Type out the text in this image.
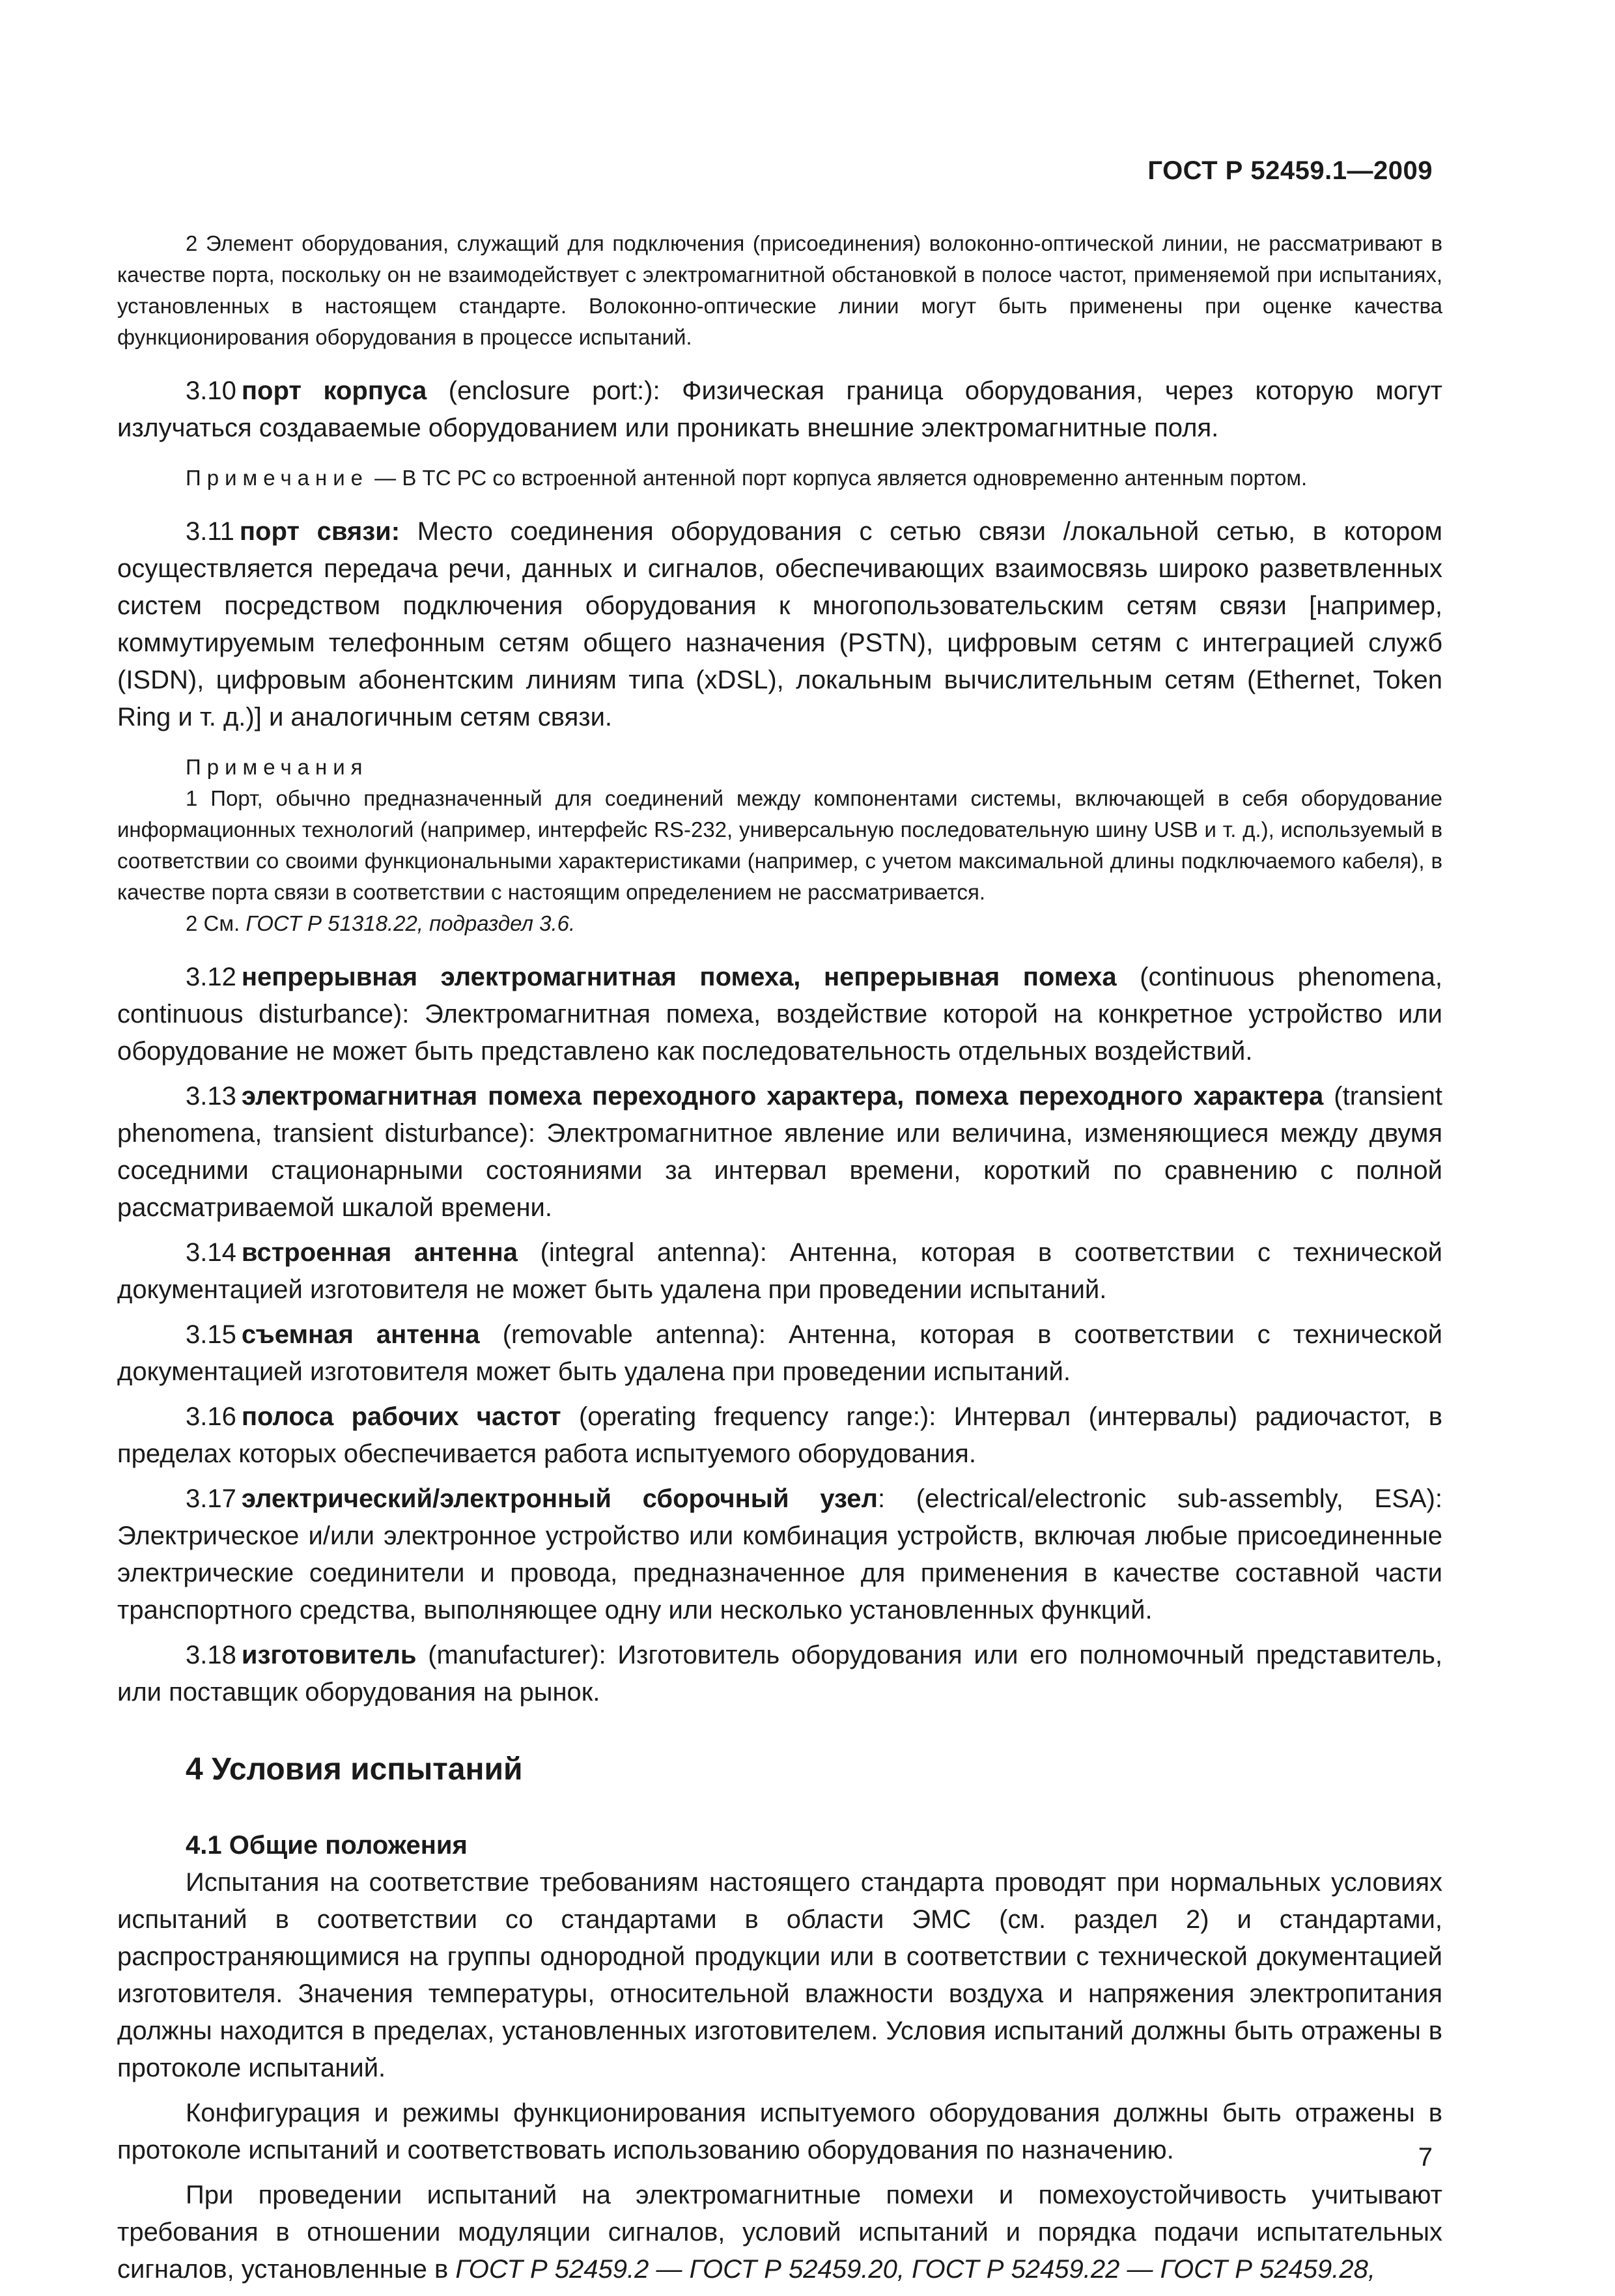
ГОСТ Р 52459.1—2009

2 Элемент оборудования, служащий для подключения (присоединения) волоконно-оптической линии, не рассматривают в качестве порта, поскольку он не взаимодействует с электромагнитной обстановкой в полосе частот, применяемой при испытаниях, установленных в настоящем стандарте. Волоконно-оптические линии могут быть применены при оценке качества функционирования оборудования в процессе испытаний.

3.10 порт корпуса (enclosure port:): Физическая граница оборудования, через которую могут излучаться создаваемые оборудованием или проникать внешние электромагнитные поля.

Примечание — В ТС РС со встроенной антенной порт корпуса является одновременно антенным портом.

3.11 порт связи: Место соединения оборудования с сетью связи /локальной сетью, в котором осуществляется передача речи, данных и сигналов, обеспечивающих взаимосвязь широко разветвленных систем посредством подключения оборудования к многопользовательским сетям связи [например, коммутируемым телефонным сетям общего назначения (PSTN), цифровым сетям с интеграцией служб (ISDN), цифровым абонентским линиям типа (xDSL), локальным вычислительным сетям (Ethernet, Token Ring и т. д.)] и аналогичным сетям связи.

Примечания

1 Порт, обычно предназначенный для соединений между компонентами системы, включающей в себя оборудование информационных технологий (например, интерфейс RS-232, универсальную последовательную шину USB и т. д.), используемый в соответствии со своими функциональными характеристиками (например, с учетом максимальной длины подключаемого кабеля), в качестве порта связи в соответствии с настоящим определением не рассматривается.

2 См. ГОСТ Р 51318.22, подраздел 3.6.

3.12 непрерывная электромагнитная помеха, непрерывная помеха (continuous phenomena, continuous disturbance): Электромагнитная помеха, воздействие которой на конкретное устройство или оборудование не может быть представлено как последовательность отдельных воздействий.

3.13 электромагнитная помеха переходного характера, помеха переходного характера (transient phenomena, transient disturbance): Электромагнитное явление или величина, изменяющиеся между двумя соседними стационарными состояниями за интервал времени, короткий по сравнению с полной рассматриваемой шкалой времени.

3.14 встроенная антенна (integral antenna): Антенна, которая в соответствии с технической документацией изготовителя не может быть удалена при проведении испытаний.

3.15 съемная антенна (removable antenna): Антенна, которая в соответствии с технической документацией изготовителя может быть удалена при проведении испытаний.

3.16 полоса рабочих частот (operating frequency range:): Интервал (интервалы) радиочастот, в пределах которых обеспечивается работа испытуемого оборудования.

3.17 электрический/электронный сборочный узел: (electrical/electronic sub-assembly, ESA): Электрическое и/или электронное устройство или комбинация устройств, включая любые присоединенные электрические соединители и провода, предназначенное для применения в качестве составной части транспортного средства, выполняющее одну или несколько установленных функций.

3.18 изготовитель (manufacturer): Изготовитель оборудования или его полномочный представитель, или поставщик оборудования на рынок.

4 Условия испытаний
4.1 Общие положения

Испытания на соответствие требованиям настоящего стандарта проводят при нормальных условиях испытаний в соответствии со стандартами в области ЭМС (см. раздел 2) и стандартами, распространяющимися на группы однородной продукции или в соответствии с технической документацией изготовителя. Значения температуры, относительной влажности воздуха и напряжения электропитания должны находится в пределах, установленных изготовителем. Условия испытаний должны быть отражены в протоколе испытаний.

Конфигурация и режимы функционирования испытуемого оборудования должны быть отражены в протоколе испытаний и соответствовать использованию оборудования по назначению.

При проведении испытаний на электромагнитные помехи и помехоустойчивость учитывают требования в отношении модуляции сигналов, условий испытаний и порядка подачи испытательных сигналов, установленные в ГОСТ Р 52459.2 — ГОСТ Р 52459.20, ГОСТ Р 52459.22 — ГОСТ Р 52459.28,

7
